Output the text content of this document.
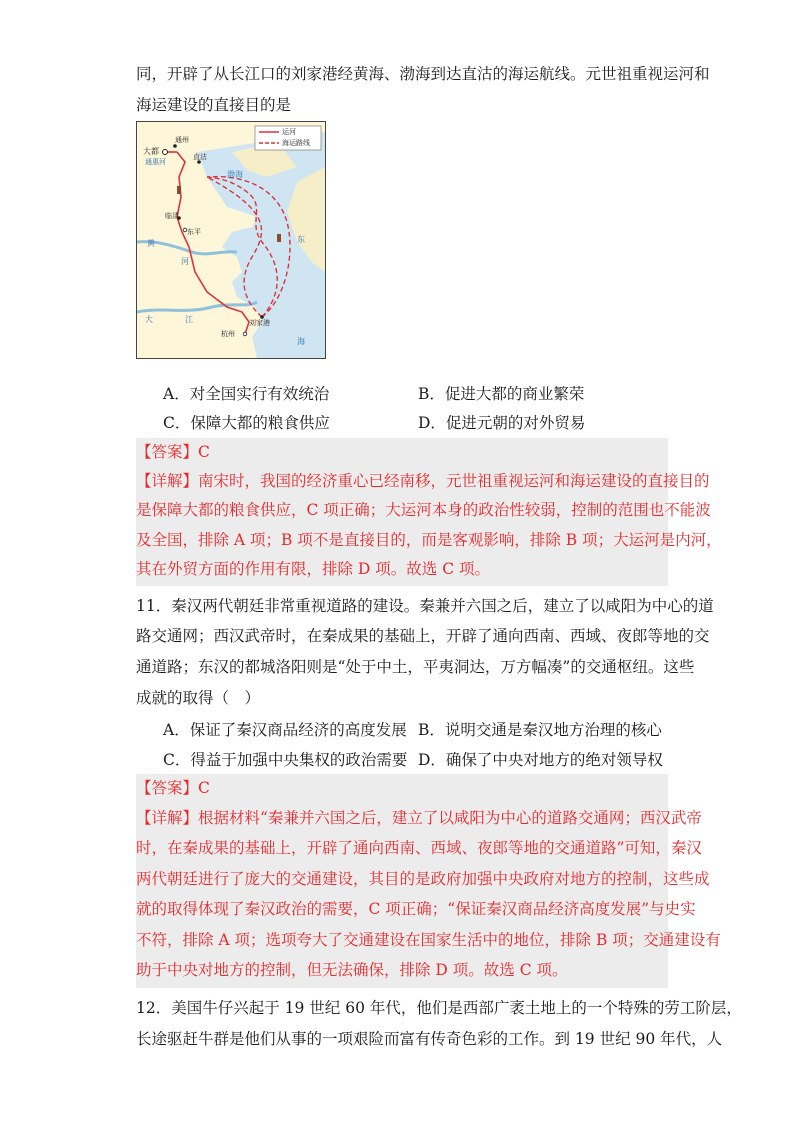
同，开辟了从长江口的刘家港经黄海、渤海到达直沽的海运航线。元世祖重视运河和
海运建设的直接目的是
运河
海运路线
通州
大都
直沽
通惠河
渤海
临清
东平
黄
河
东
大	江	刘家港
杭州
海
A．对全国实行有效统治	B．促进大都的商业繁荣
C．保障大都的粮食供应	D．促进元朝的对外贸易
【答案】C
【详解】南宋时，我国的经济重心已经南移，元世祖重视运河和海运建设的直接目的
是保障大都的粮食供应，C 项正确；大运河本身的政治性较弱，控制的范围也不能波
及全国，排除 A 项；B 项不是直接目的，而是客观影响，排除 B 项；大运河是内河，
其在外贸方面的作用有限，排除 D 项。故选 C 项。
11．秦汉两代朝廷非常重视道路的建设。秦兼并六国之后，建立了以咸阳为中心的道
路交通网；西汉武帝时，在秦成果的基础上，开辟了通向西南、西域、夜郎等地的交
通道路；东汉的都城洛阳则是“处于中土，平夷洞达，万方幅凑”的交通枢纽。这些
成就的取得（　）
A．保证了秦汉商品经济的高度发展 B．说明交通是秦汉地方治理的核心
C．得益于加强中央集权的政治需要 D．确保了中央对地方的绝对领导权
【答案】C
【详解】根据材料“秦兼并六国之后，建立了以咸阳为中心的道路交通网；西汉武帝
时，在秦成果的基础上，开辟了通向西南、西域、夜郎等地的交通道路”可知，秦汉
两代朝廷进行了庞大的交通建设，其目的是政府加强中央政府对地方的控制，这些成
就的取得体现了秦汉政治的需要，C 项正确；“保证秦汉商品经济高度发展”与史实
不符，排除 A 项；选项夸大了交通建设在国家生活中的地位，排除 B 项；交通建设有
助于中央对地方的控制，但无法确保，排除 D 项。故选 C 项。
12．美国牛仔兴起于 19 世纪 60 年代，他们是西部广袤土地上的一个特殊的劳工阶层，
长途驱赶牛群是他们从事的一项艰险而富有传奇色彩的工作。到 19 世纪 90 年代，人
